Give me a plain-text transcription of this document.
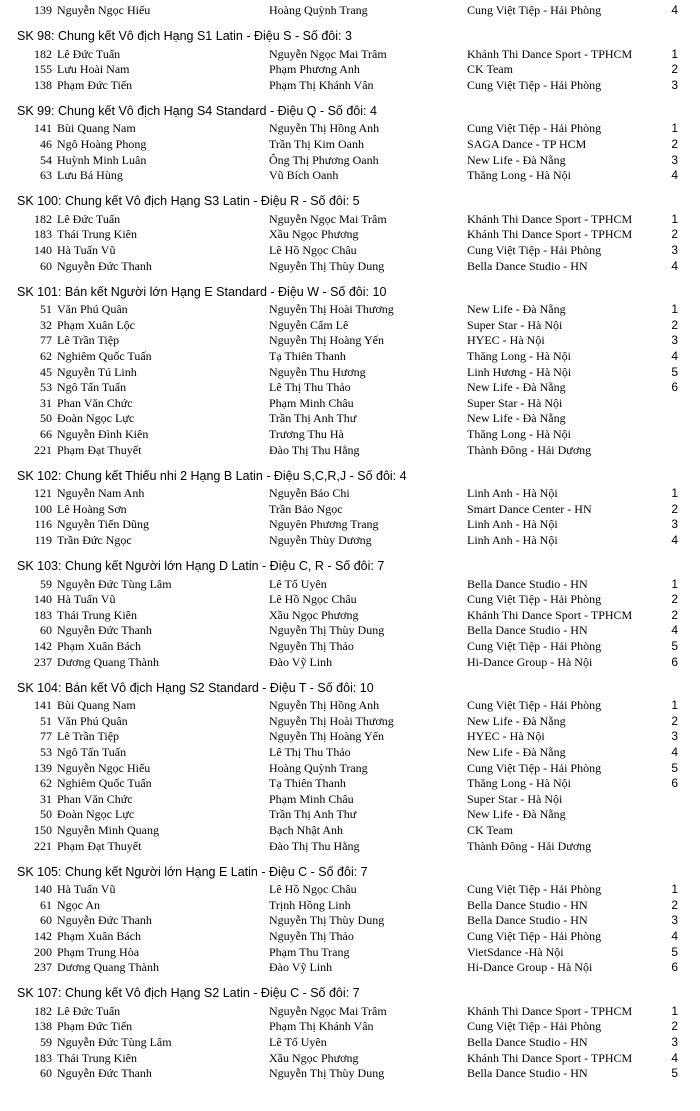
139 Nguyễn Ngọc Hiếu	Hoàng Quỳnh Trang	Cung Việt Tiệp - Hải Phòng	4
SK 98: Chung kết Vô địch Hạng S1 Latin - Điệu S - Số đôi: 3
182 Lê Đức Tuấn	Nguyễn Ngọc Mai Trâm	Khánh Thi Dance Sport - TPHCM	1
155 Lưu Hoài Nam	Phạm Phương Anh	CK Team	2
138 Phạm Đức Tiến	Phạm Thị Khánh Vân	Cung Việt Tiệp - Hải Phòng	3
SK 99: Chung kết Vô địch Hạng S4 Standard - Điệu Q - Số đôi: 4
141 Bùi Quang Nam	Nguyễn Thị Hồng Anh	Cung Việt Tiệp - Hải Phòng	1
46 Ngô Hoàng Phong	Trần Thị Kim Oanh	SAGA Dance - TP HCM	2
54 Huỳnh Minh Luân	Ông Thị Phương Oanh	New Life - Đà Nẵng	3
63 Lưu Bá Hùng	Vũ Bích Oanh	Thăng Long - Hà Nội	4
SK 100: Chung kết Vô địch Hạng S3 Latin - Điệu R - Số đôi: 5
182 Lê Đức Tuấn	Nguyễn Ngọc Mai Trâm	Khánh Thi Dance Sport - TPHCM	1
183 Thái Trung Kiên	Xầu Ngọc Phương	Khánh Thi Dance Sport - TPHCM	2
140 Hà Tuấn Vũ	Lê Hồ Ngọc Châu	Cung Việt Tiệp - Hải Phòng	3
60 Nguyễn Đức Thanh	Nguyễn Thị Thùy Dung	Bella Dance Studio - HN	4
SK 101: Bán kết Người lớn Hạng E Standard - Điệu W - Số đôi: 10
51 Văn Phú Quân	Nguyễn Thị Hoài Thương	New Life - Đà Nẵng	1
32 Phạm Xuân Lộc	Nguyễn Cẩm Lê	Super Star - Hà Nội	2
77 Lê Trần Tiệp	Nguyễn Thị Hoàng Yến	HYEC - Hà Nội	3
62 Nghiêm Quốc Tuấn	Tạ Thiên Thanh	Thăng Long - Hà Nội	4
45 Nguyễn Tú Linh	Nguyễn Thu Hương	Linh Hương - Hà Nội	5
53 Ngô Tấn Tuấn	Lê Thị Thu Thảo	New Life - Đà Nẵng	6
31 Phan Văn Chức	Phạm Minh Châu	Super Star - Hà Nội
50 Đoàn Ngọc Lực	Trần Thị Anh Thư	New Life - Đà Nẵng
66 Nguyễn Đình Kiên	Trương Thu Hà	Thăng Long - Hà Nội
221 Phạm Đạt Thuyết	Đào Thị Thu Hằng	Thành Đông - Hải Dương
SK 102: Chung kết Thiếu nhi 2 Hạng B Latin - Điệu S,C,R,J - Số đôi: 4
121 Nguyễn Nam Anh	Nguyễn Bảo Chi	Linh Anh - Hà Nội	1
100 Lê Hoàng Sơn	Trần Bảo Ngọc	Smart Dance Center - HN	2
116 Nguyễn Tiến Dũng	Nguyên Phương Trang	Linh Anh - Hà Nội	3
119 Trần Đức Ngọc	Nguyễn Thùy Dương	Linh Anh - Hà Nội	4
SK 103: Chung kết Người lớn Hạng D Latin - Điệu C, R - Số đôi: 7
59 Nguyễn Đức Tùng Lâm	Lê Tố Uyên	Bella Dance Studio - HN	1
140 Hà Tuấn Vũ	Lê Hồ Ngọc Châu	Cung Việt Tiệp - Hải Phòng	2
183 Thái Trung Kiên	Xầu Ngọc Phương	Khánh Thi Dance Sport - TPHCM	2
60 Nguyễn Đức Thanh	Nguyễn Thị Thùy Dung	Bella Dance Studio - HN	4
142 Phạm Xuân Bách	Nguyễn Thị Thảo	Cung Việt Tiệp - Hải Phòng	5
237 Dương Quang Thành	Đào Vỹ Linh	Hi-Dance Group - Hà Nội	6
SK 104: Bán kết Vô địch Hạng S2 Standard - Điệu T - Số đôi: 10
141 Bùi Quang Nam	Nguyễn Thị Hồng Anh	Cung Việt Tiệp - Hải Phòng	1
51 Văn Phú Quân	Nguyễn Thị Hoài Thương	New Life - Đà Nẵng	2
77 Lê Trần Tiệp	Nguyễn Thị Hoàng Yến	HYEC - Hà Nội	3
53 Ngô Tấn Tuấn	Lê Thị Thu Thảo	New Life - Đà Nẵng	4
139 Nguyễn Ngọc Hiếu	Hoàng Quỳnh Trang	Cung Việt Tiệp - Hải Phòng	5
62 Nghiêm Quốc Tuấn	Tạ Thiên Thanh	Thăng Long - Hà Nội	6
31 Phan Văn Chức	Phạm Minh Châu	Super Star - Hà Nội
50 Đoàn Ngọc Lực	Trần Thị Anh Thư	New Life - Đà Nẵng
150 Nguyễn Minh Quang	Bạch Nhật Anh	CK Team
221 Phạm Đạt Thuyết	Đào Thị Thu Hằng	Thành Đông - Hải Dương
SK 105: Chung kết Người lớn Hạng E Latin - Điệu C - Số đôi: 7
140 Hà Tuấn Vũ	Lê Hồ Ngọc Châu	Cung Việt Tiệp - Hải Phòng	1
61 Ngọc An	Trịnh Hồng Linh	Bella Dance Studio - HN	2
60 Nguyễn Đức Thanh	Nguyễn Thị Thùy Dung	Bella Dance Studio - HN	3
142 Phạm Xuân Bách	Nguyễn Thị Thảo	Cung Việt Tiệp - Hải Phòng	4
200 Phạm Trung Hòa	Phạm Thu Trang	VietSdance -Hà Nội	5
237 Dương Quang Thành	Đào Vỹ Linh	Hi-Dance Group - Hà Nội	6
SK 107: Chung kết Vô địch Hạng S2 Latin - Điệu C - Số đôi: 7
182 Lê Đức Tuấn	Nguyễn Ngọc Mai Trâm	Khánh Thi Dance Sport - TPHCM	1
138 Phạm Đức Tiến	Phạm Thị Khánh Vân	Cung Việt Tiệp - Hải Phòng	2
59 Nguyễn Đức Tùng Lâm	Lê Tố Uyên	Bella Dance Studio - HN	3
183 Thái Trung Kiên	Xầu Ngọc Phương	Khánh Thi Dance Sport - TPHCM	4
60 Nguyễn Đức Thanh	Nguyễn Thị Thùy Dung	Bella Dance Studio - HN	5
